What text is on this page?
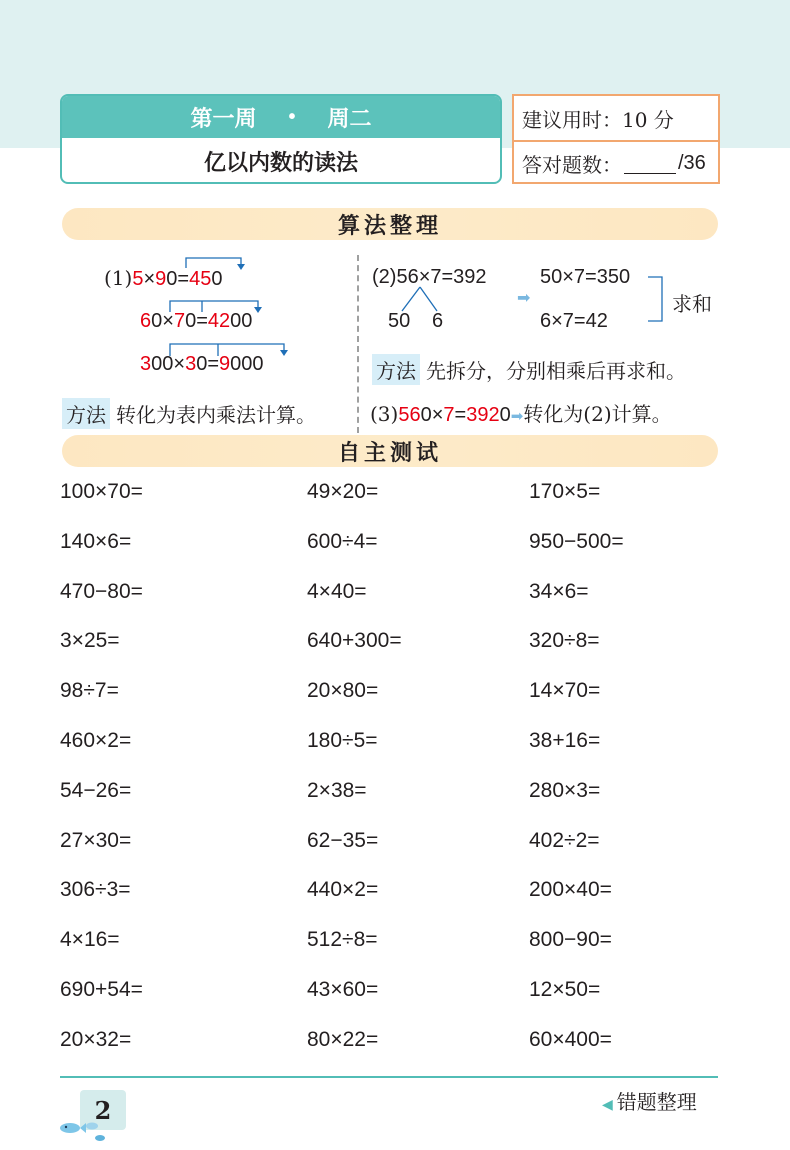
第一周 • 周二
亿以内数的读法
建议用时：10 分
答对题数：	/36
算法整理
(1)5×90=450
60×70=4200
300×30=9000
方法 转化为表内乘法计算。
(2)56×7=392
50 6
➡
50×7=350
6×7=42
求和
方法 先拆分，分别相乘后再求和。
(3)560×7=3920➡转化为(2)计算。
自主测试
100×70=	49×20=	170×5=
140×6=	600÷4=	950−500=
470−80=	4×40=	34×6=
3×25=	640+300=	320÷8=
98÷7=	20×80=	14×70=
460×2=	180÷5=	38+16=
54−26=	2×38=	280×3=
27×30=	62−35=	402÷2=
306÷3=	440×2=	200×40=
4×16=	512÷8=	800−90=
690+54=	43×60=	12×50=
20×32=	80×22=	60×400=
2	◀ 错题整理
